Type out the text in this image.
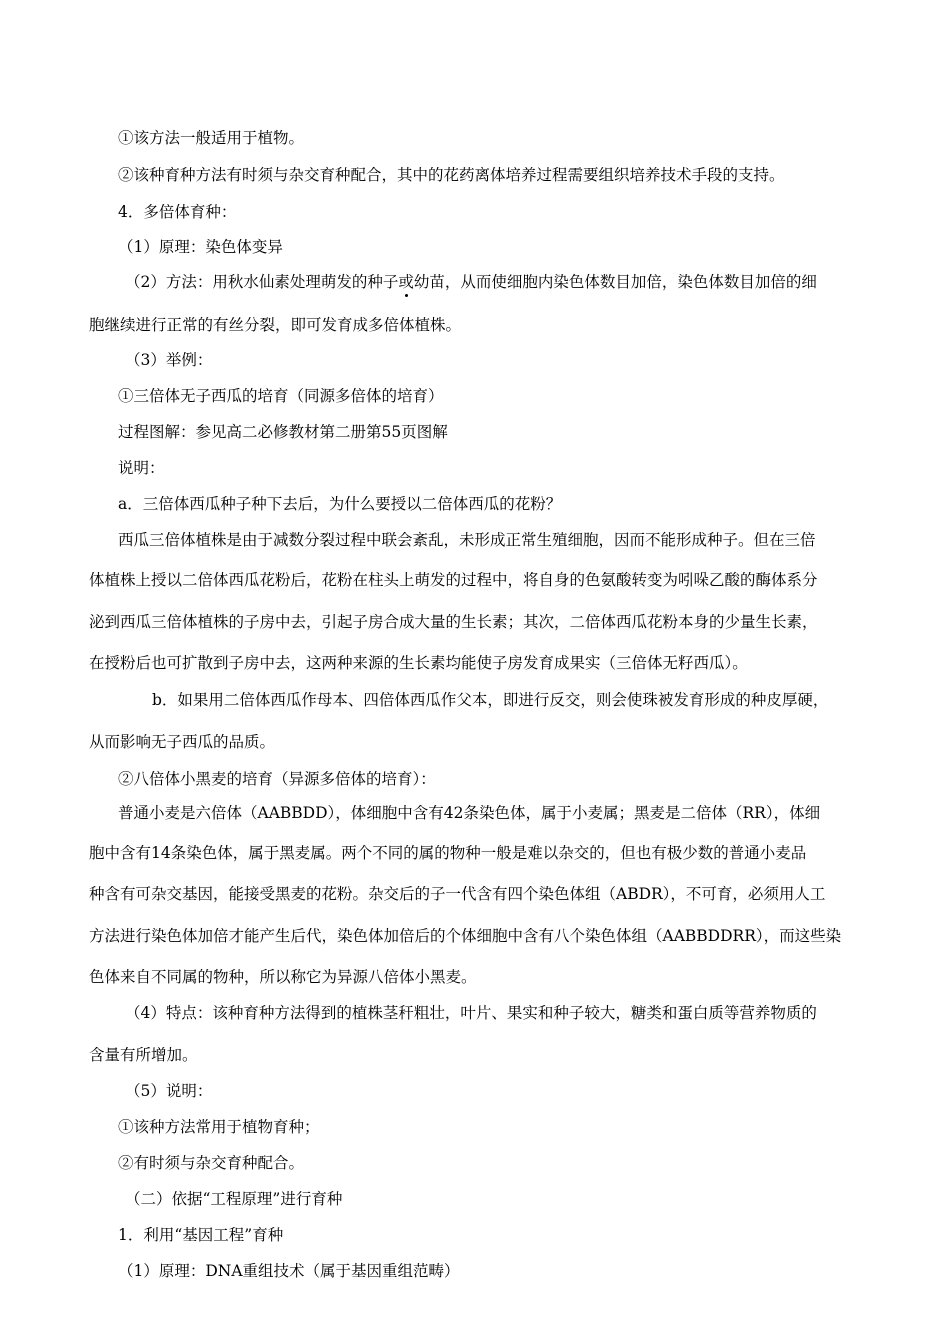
①该方法一般适用于植物。
②该种育种方法有时须与杂交育种配合，其中的花药离体培养过程需要组织培养技术手段的支持。
4．多倍体育种：
（1）原理：染色体变异
（2）方法：用秋水仙素处理萌发的种子或幼苗，从而使细胞内染色体数目加倍，染色体数目加倍的细
胞继续进行正常的有丝分裂，即可发育成多倍体植株。
（3）举例：
①三倍体无子西瓜的培育（同源多倍体的培育）
过程图解：参见高二必修教材第二册第55页图解
说明：
a．三倍体西瓜种子种下去后，为什么要授以二倍体西瓜的花粉？
西瓜三倍体植株是由于减数分裂过程中联会紊乱，未形成正常生殖细胞，因而不能形成种子。但在三倍
体植株上授以二倍体西瓜花粉后，花粉在柱头上萌发的过程中，将自身的色氨酸转变为吲哚乙酸的酶体系分
泌到西瓜三倍体植株的子房中去，引起子房合成大量的生长素；其次，二倍体西瓜花粉本身的少量生长素，
在授粉后也可扩散到子房中去，这两种来源的生长素均能使子房发育成果实（三倍体无籽西瓜）。
b．如果用二倍体西瓜作母本、四倍体西瓜作父本，即进行反交，则会使珠被发育形成的种皮厚硬，
从而影响无子西瓜的品质。
②八倍体小黑麦的培育（异源多倍体的培育）：
普通小麦是六倍体（AABBDD），体细胞中含有42条染色体，属于小麦属；黑麦是二倍体（RR），体细
胞中含有14条染色体，属于黑麦属。两个不同的属的物种一般是难以杂交的，但也有极少数的普通小麦品
种含有可杂交基因，能接受黑麦的花粉。杂交后的子一代含有四个染色体组（ABDR），不可育，必须用人工
方法进行染色体加倍才能产生后代，染色体加倍后的个体细胞中含有八个染色体组（AABBDDRR），而这些染
色体来自不同属的物种，所以称它为异源八倍体小黑麦。
（4）特点：该种育种方法得到的植株茎秆粗壮，叶片、果实和种子较大，糖类和蛋白质等营养物质的
含量有所增加。
（5）说明：
①该种方法常用于植物育种；
②有时须与杂交育种配合。
（二）依据“工程原理”进行育种
1．利用“基因工程”育种
（1）原理：DNA重组技术（属于基因重组范畴）
